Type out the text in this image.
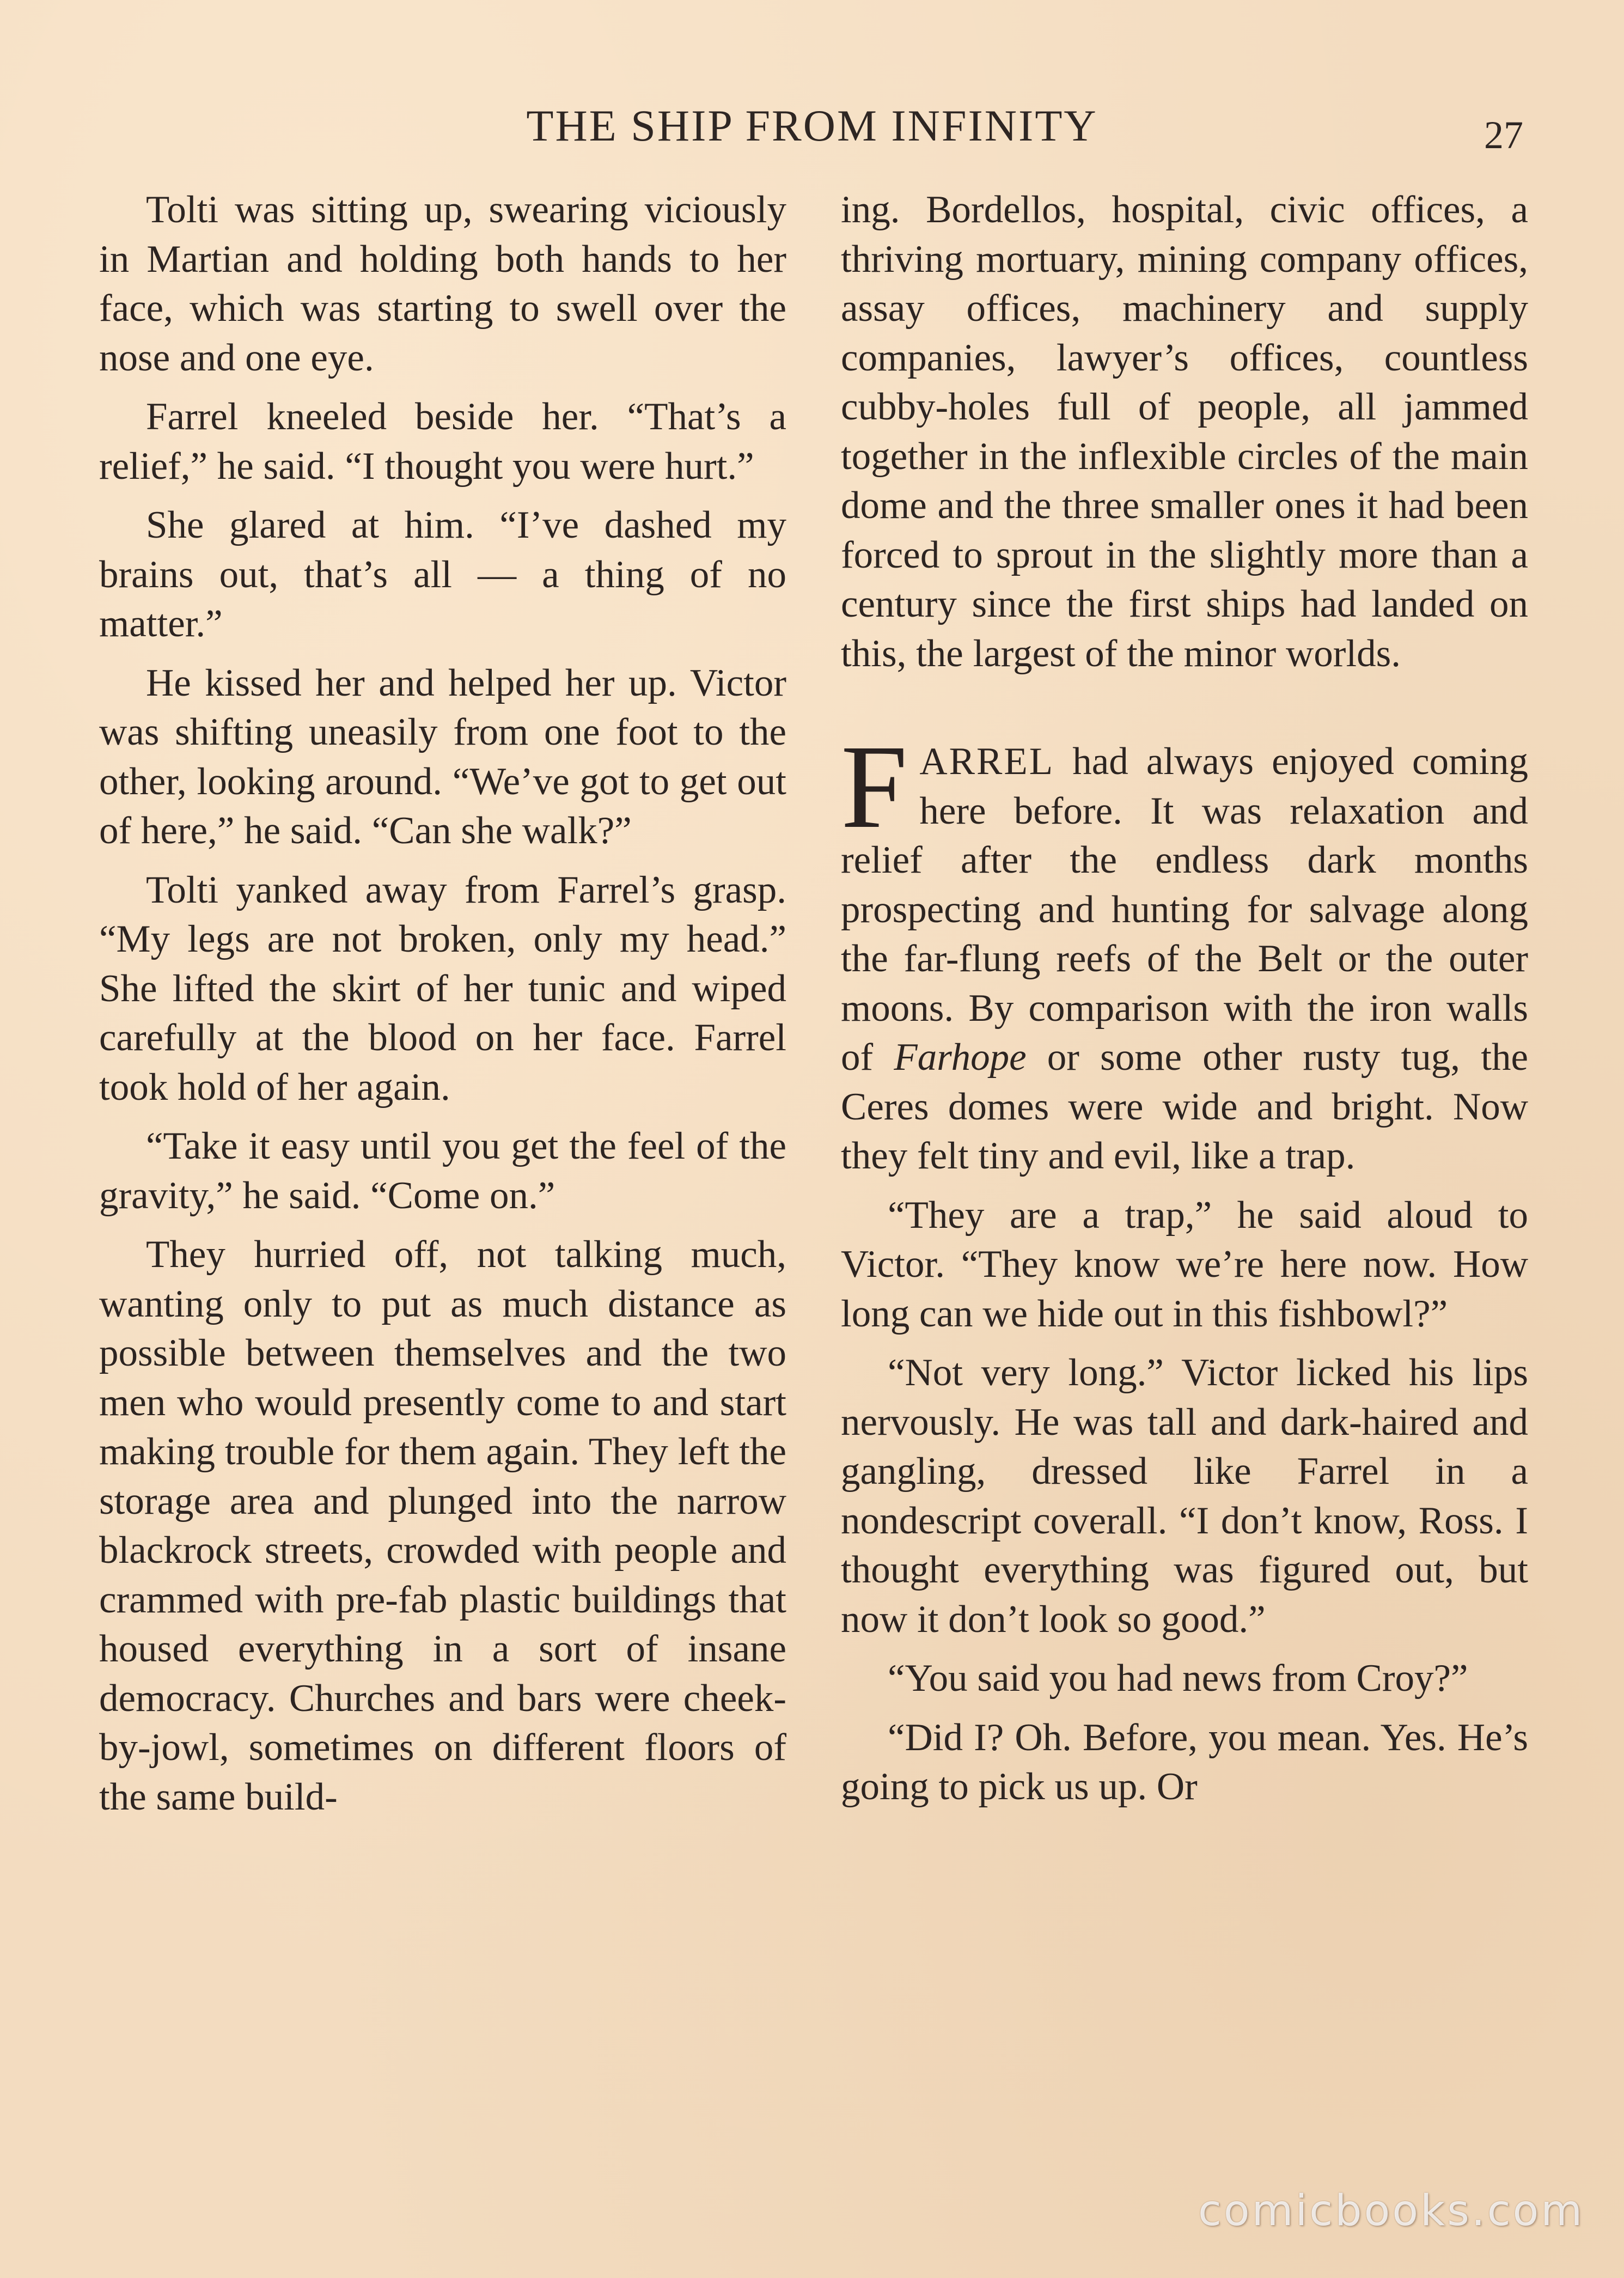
THE SHIP FROM INFINITY	27

Tolti was sitting up, swearing viciously in Martian and holding both hands to her face, which was starting to swell over the nose and one eye.

Farrel kneeled beside her. “That’s a relief,” he said. “I thought you were hurt.”

She glared at him. “I’ve dashed my brains out, that’s all — a thing of no matter.”

He kissed her and helped her up. Victor was shifting uneasily from one foot to the other, looking around. “We’ve got to get out of here,” he said. “Can she walk?”

Tolti yanked away from Farrel’s grasp. “My legs are not broken, only my head.” She lifted the skirt of her tunic and wiped carefully at the blood on her face. Farrel took hold of her again.

“Take it easy until you get the feel of the gravity,” he said. “Come on.”

They hurried off, not talking much, wanting only to put as much distance as possible between themselves and the two men who would presently come to and start making trouble for them again. They left the storage area and plunged into the narrow blackrock streets, crowded with people and crammed with pre-fab plastic buildings that housed everything in a sort of insane democracy. Churches and bars were cheek-by-jowl, sometimes on different floors of the same build-

ing. Bordellos, hospital, civic offices, a thriving mortuary, mining company offices, assay offices, machinery and supply companies, lawyer’s offices, countless cubby-holes full of people, all jammed together in the inflexible circles of the main dome and the three smaller ones it had been forced to sprout in the slightly more than a century since the first ships had landed on this, the largest of the minor worlds.

FARREL had always enjoyed coming here before. It was relaxation and relief after the endless dark months prospecting and hunting for salvage along the far-flung reefs of the Belt or the outer moons. By comparison with the iron walls of Farhope or some other rusty tug, the Ceres domes were wide and bright. Now they felt tiny and evil, like a trap.

“They are a trap,” he said aloud to Victor. “They know we’re here now. How long can we hide out in this fishbowl?”

“Not very long.” Victor licked his lips nervously. He was tall and dark-haired and gangling, dressed like Farrel in a nondescript coverall. “I don’t know, Ross. I thought everything was figured out, but now it don’t look so good.”

“You said you had news from Croy?”

“Did I? Oh. Before, you mean. Yes. He’s going to pick us up. Or

comicbooks.com
